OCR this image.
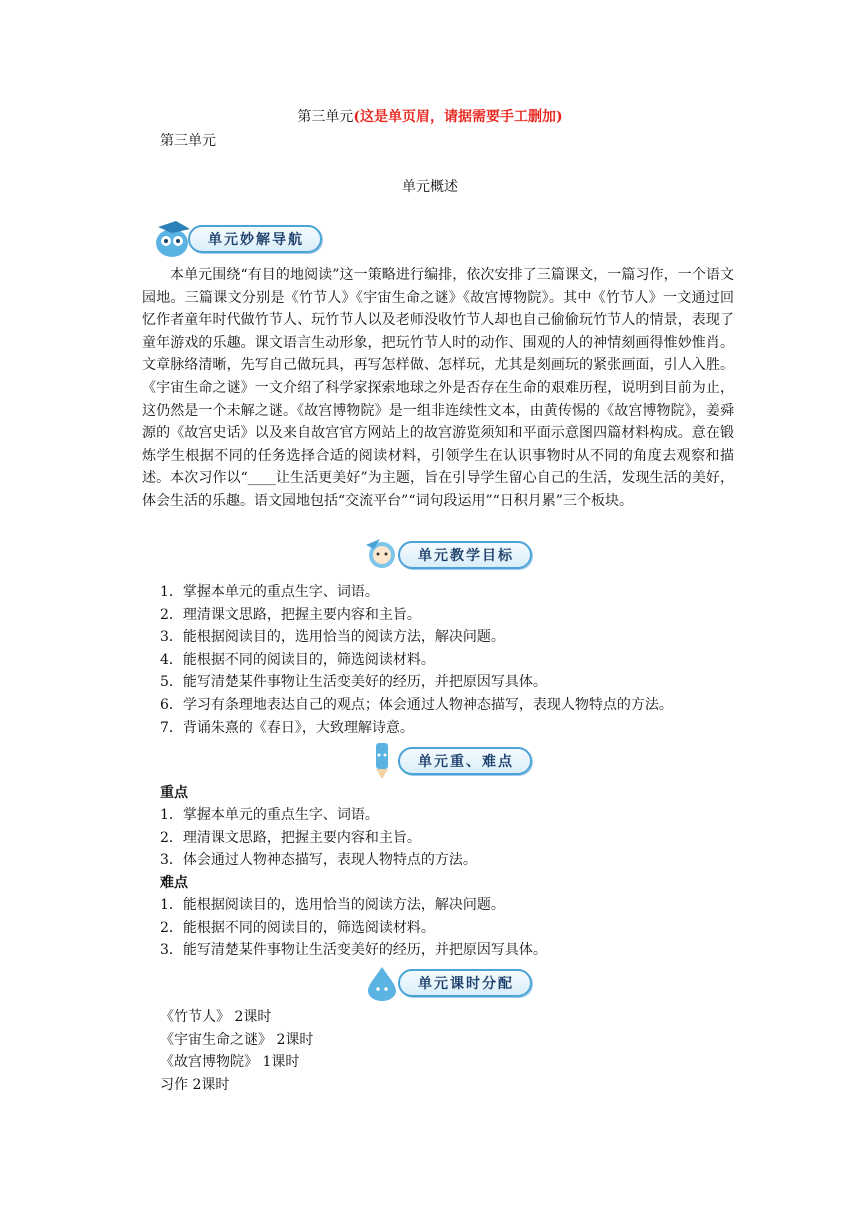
第三单元(这是单页眉，请据需要手工删加)
第三单元
单元概述
单元妙解导航

本单元围绕“有目的地阅读”这一策略进行编排，依次安排了三篇课文，一篇习作，一个语文园地。三篇课文分别是《竹节人》《宇宙生命之谜》《故宫博物院》。其中《竹节人》一文通过回忆作者童年时代做竹节人、玩竹节人以及老师没收竹节人却也自己偷偷玩竹节人的情景，表现了童年游戏的乐趣。课文语言生动形象，把玩竹节人时的动作、围观的人的神情刻画得惟妙惟肖。文章脉络清晰，先写自己做玩具，再写怎样做、怎样玩，尤其是刻画玩的紧张画面，引人入胜。《宇宙生命之谜》一文介绍了科学家探索地球之外是否存在生命的艰难历程，说明到目前为止，这仍然是一个未解之谜。《故宫博物院》是一组非连续性文本，由黄传惕的《故宫博物院》，姜舜源的《故宫史话》以及来自故宫官方网站上的故宫游览须知和平面示意图四篇材料构成。意在锻炼学生根据不同的任务选择合适的阅读材料，引领学生在认识事物时从不同的角度去观察和描述。本次习作以“____让生活更美好”为主题，旨在引导学生留心自己的生活，发现生活的美好，体会生活的乐趣。语文园地包括“交流平台”“词句段运用”“日积月累”三个板块。

单元教学目标
1．掌握本单元的重点生字、词语。
2．理清课文思路，把握主要内容和主旨。
3．能根据阅读目的，选用恰当的阅读方法，解决问题。
4．能根据不同的阅读目的，筛选阅读材料。
5．能写清楚某件事物让生活变美好的经历，并把原因写具体。
6．学习有条理地表达自己的观点；体会通过人物神态描写，表现人物特点的方法。
7．背诵朱熹的《春日》，大致理解诗意。
单元重、难点
重点
1．掌握本单元的重点生字、词语。
2．理清课文思路，把握主要内容和主旨。
3．体会通过人物神态描写，表现人物特点的方法。
难点
1．能根据阅读目的，选用恰当的阅读方法，解决问题。
2．能根据不同的阅读目的，筛选阅读材料。
3．能写清楚某件事物让生活变美好的经历，并把原因写具体。
单元课时分配
《竹节人》 2课时
《宇宙生命之谜》 2课时
《故宫博物院》 1课时
习作 2课时
